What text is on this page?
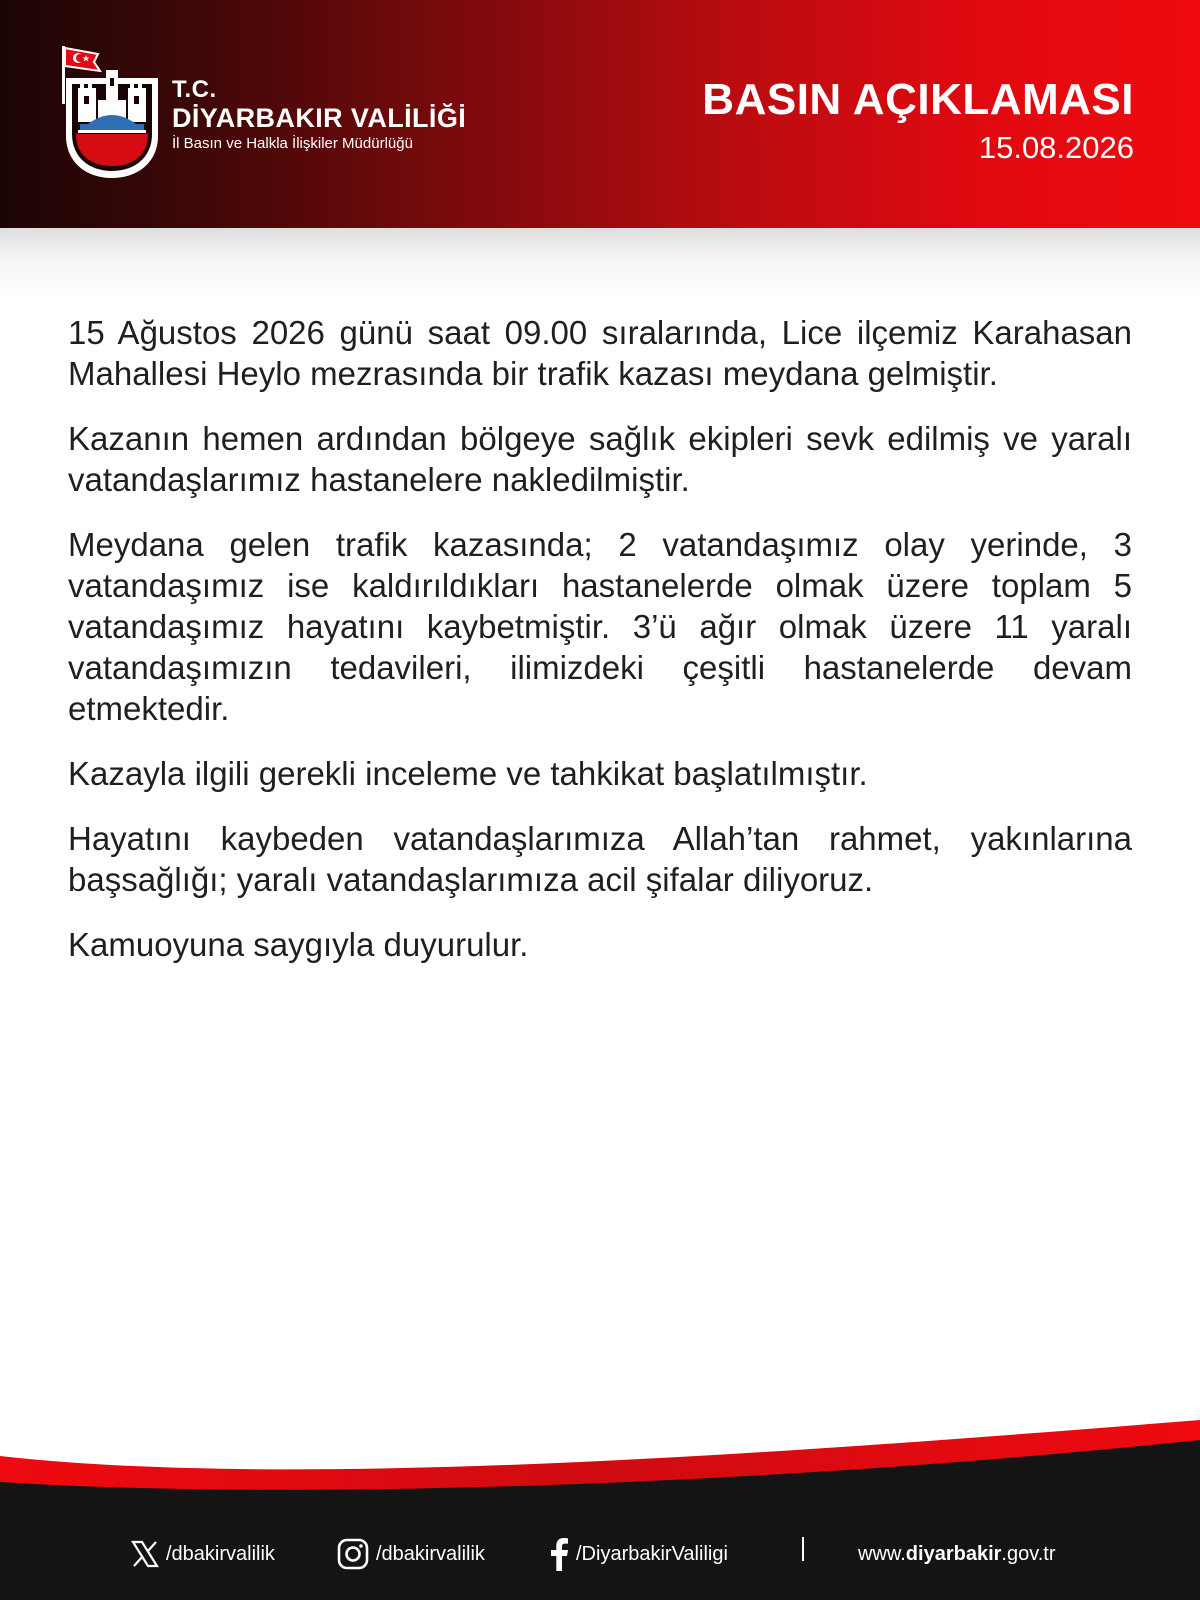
T.C.
DİYARBAKIR VALİLİĞİ
İl Basın ve Halkla İlişkiler Müdürlüğü
BASIN AÇIKLAMASI
15.08.2026

15 Ağustos 2026 günü saat 09.00 sıralarında, Lice ilçemiz Karahasan Mahallesi Heylo mezrasında bir trafik kazası meydana gelmiştir.

Kazanın hemen ardından bölgeye sağlık ekipleri sevk edilmiş ve yaralı vatandaşlarımız hastanelere nakledilmiştir.

Meydana gelen trafik kazasında; 2 vatandaşımız olay yerinde, 3 vatandaşımız ise kaldırıldıkları hastanelerde olmak üzere toplam 5 vatandaşımız hayatını kaybetmiştir. 3’ü ağır olmak üzere 11 yaralı vatandaşımızın tedavileri, ilimizdeki çeşitli hastanelerde devam etmektedir.

Kazayla ilgili gerekli inceleme ve tahkikat başlatılmıştır.

Hayatını kaybeden vatandaşlarımıza Allah’tan rahmet, yakınlarına başsağlığı; yaralı vatandaşlarımıza acil şifalar diliyoruz.

Kamuoyuna saygıyla duyurulur.

/dbakirvalilik	/dbakirvalilik	/DiyarbakirValiligi	www. diyarbakir .gov.tr
